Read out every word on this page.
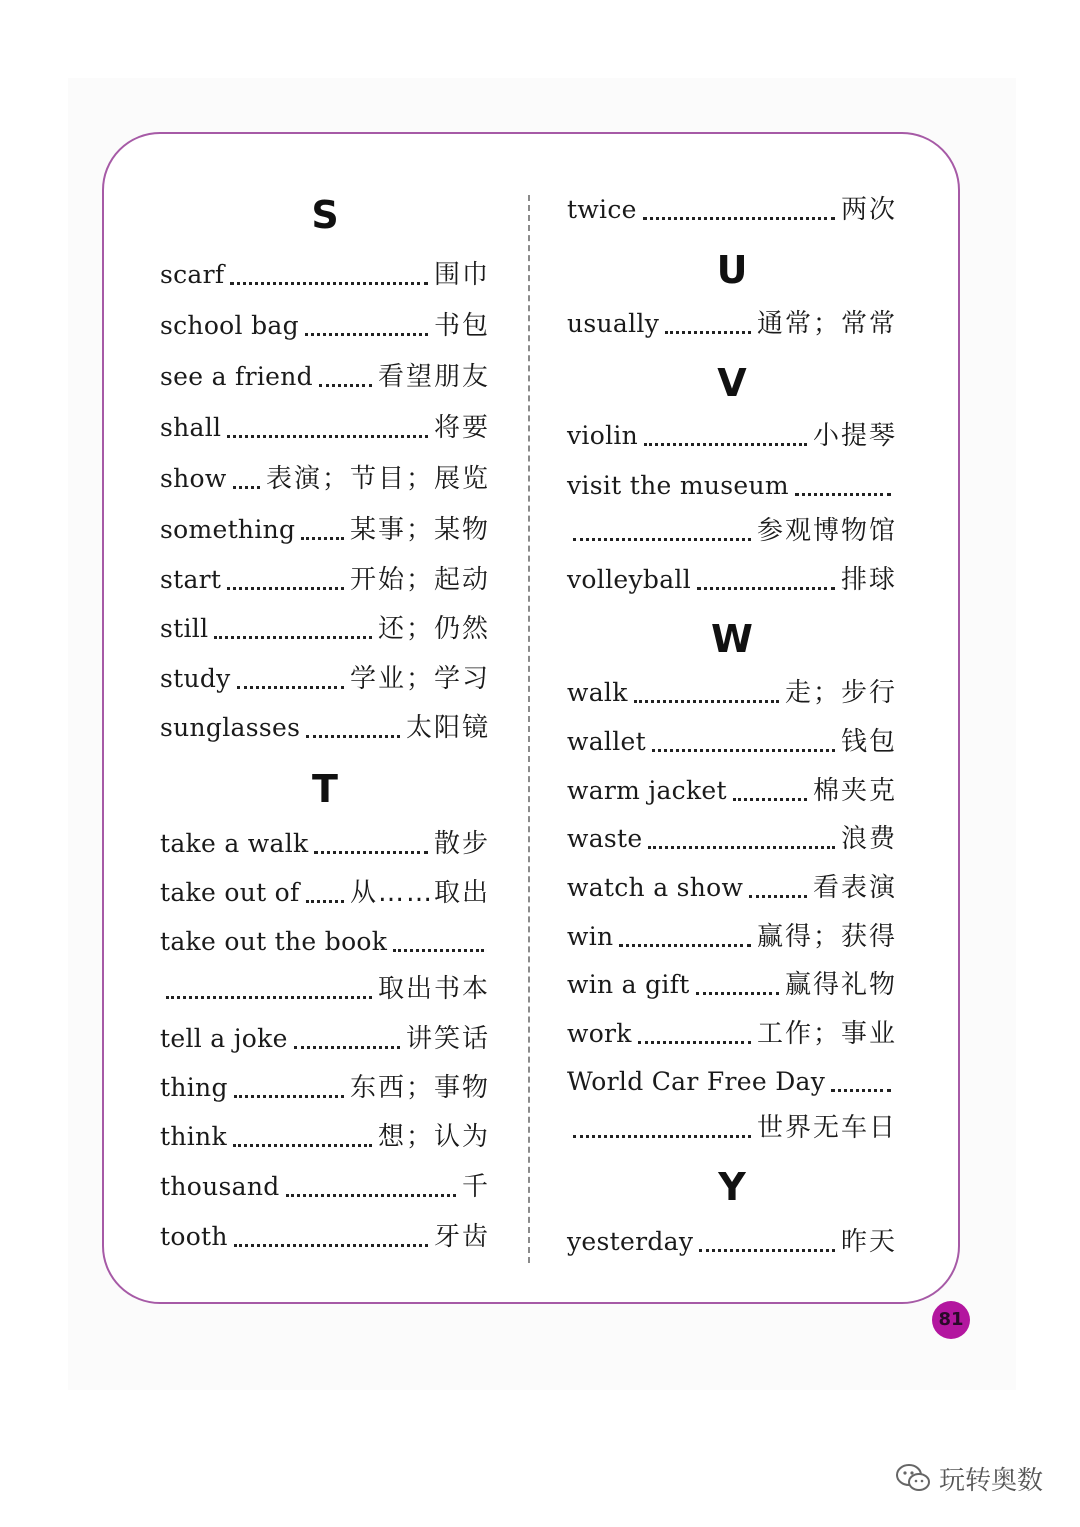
S
scarf	围巾
school bag	书包
see a friend	看望朋友
shall	将要
show 表演；节目；展览
something 某事；某物
start	开始；起动
still	还；仍然
study	学业；学习
sunglasses	太阳镜
T
take a walk	散步
take out of 从……取出
take out the book
取出书本
tell a joke	讲笑话
thing	东西；事物
think	想；认为
thousand	千
tooth	牙齿
twice	两次
U
usually	通常；常常
V
violin	小提琴
visit the museum
参观博物馆
volleyball	排球
W
walk	走；步行
wallet	钱包
warm jacket	棉夹克
waste	浪费
watch a show	看表演
win	赢得；获得
win a gift	赢得礼物
work	工作；事业
World Car Free Day
世界无车日
Y
yesterday	昨天
81
玩转奥数
